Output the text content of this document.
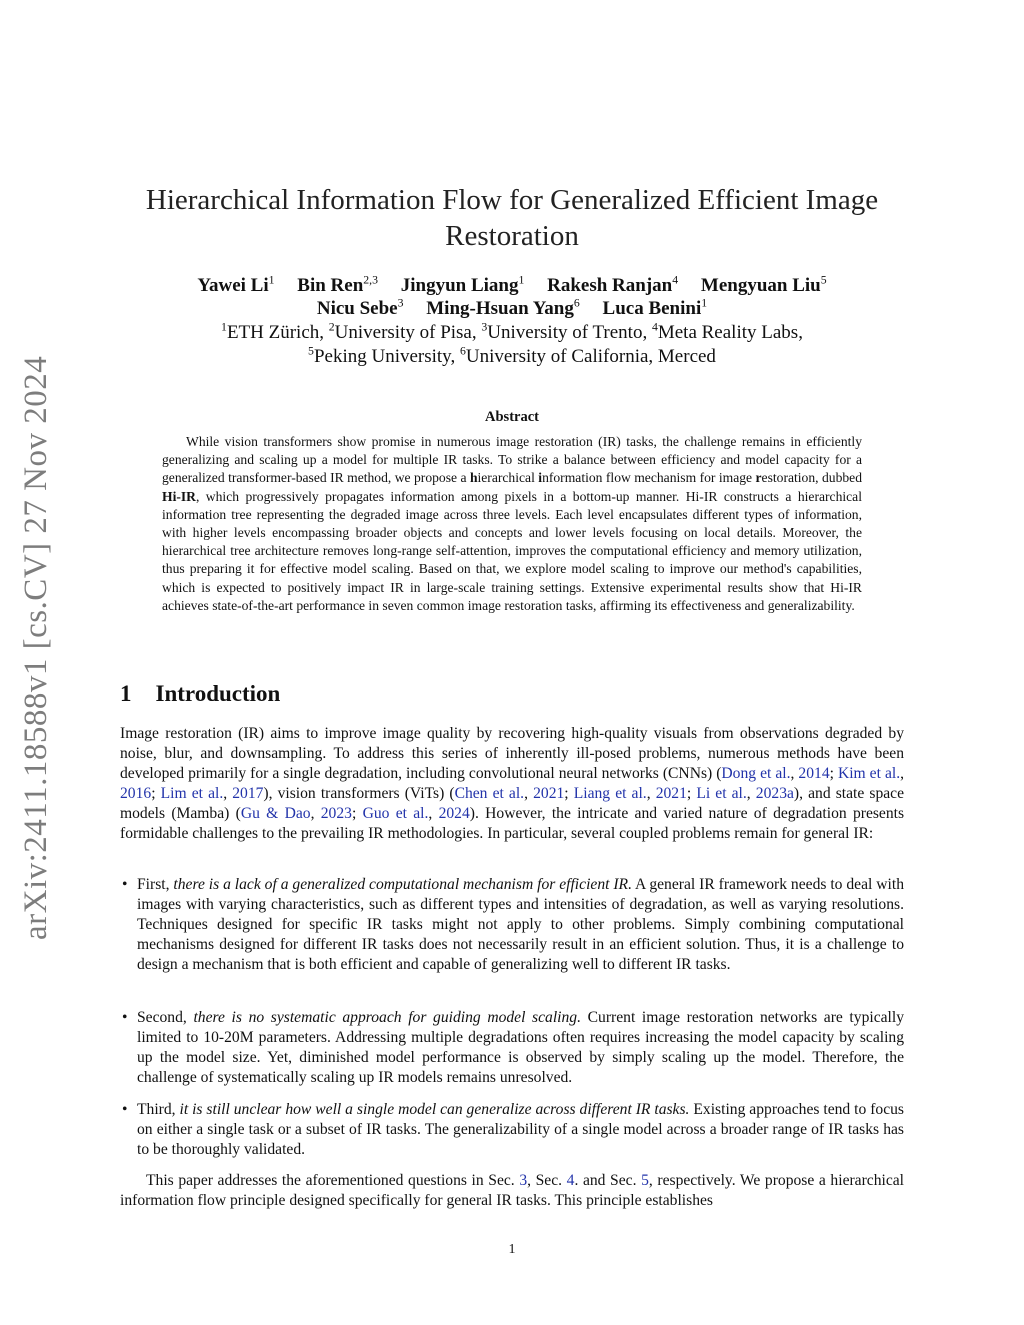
arXiv:2411.18588v1 [cs.CV] 27 Nov 2024
Hierarchical Information Flow for Generalized Efficient Image Restoration
Yawei Li$^1$ Bin Ren$^{2,3}$ Jingyun Liang$^1$ Rakesh Ranjan$^4$ Mengyuan Liu$^5$
Nicu Sebe$^3$ Ming-Hsuan Yang$^6$ Luca Benini$^1$
$^1$ETH Zürich, $^2$University of Pisa, $^3$University of Trento, $^4$Meta Reality Labs,
$^5$Peking University, $^6$University of California, Merced
Abstract
While vision transformers show promise in numerous image restoration (IR) tasks, the challenge remains in efficiently generalizing and scaling up a model for multiple IR tasks. To strike a balance between efficiency and model capacity for a generalized transformer-based IR method, we propose a hierarchical information flow mechanism for image restoration, dubbed Hi-IR, which progressively propagates information among pixels in a bottom-up manner. Hi-IR constructs a hierarchical information tree representing the degraded image across three levels. Each level encapsulates different types of information, with higher levels encompassing broader objects and concepts and lower levels focusing on local details. Moreover, the hierarchical tree architecture removes long-range self-attention, improves the computational efficiency and memory utilization, thus preparing it for effective model scaling. Based on that, we explore model scaling to improve our method's capabilities, which is expected to positively impact IR in large-scale training settings. Extensive experimental results show that Hi-IR achieves state-of-the-art performance in seven common image restoration tasks, affirming its effectiveness and generalizability.
1 Introduction
Image restoration (IR) aims to improve image quality by recovering high-quality visuals from observations degraded by noise, blur, and downsampling. To address this series of inherently ill-posed problems, numerous methods have been developed primarily for a single degradation, including convolutional neural networks (CNNs) (Dong et al., 2014; Kim et al., 2016; Lim et al., 2017), vision transformers (ViTs) (Chen et al., 2021; Liang et al., 2021; Li et al., 2023a), and state space models (Mamba) (Gu & Dao, 2023; Guo et al., 2024). However, the intricate and varied nature of degradation presents formidable challenges to the prevailing IR methodologies. In particular, several coupled problems remain for general IR:
• First, there is a lack of a generalized computational mechanism for efficient IR. A general IR framework needs to deal with images with varying characteristics, such as different types and intensities of degradation, as well as varying resolutions. Techniques designed for specific IR tasks might not apply to other problems. Simply combining computational mechanisms designed for different IR tasks does not necessarily result in an efficient solution. Thus, it is a challenge to design a mechanism that is both efficient and capable of generalizing well to different IR tasks.
• Second, there is no systematic approach for guiding model scaling. Current image restoration networks are typically limited to 10-20M parameters. Addressing multiple degradations often requires increasing the model capacity by scaling up the model size. Yet, diminished model performance is observed by simply scaling up the model. Therefore, the challenge of systematically scaling up IR models remains unresolved.
• Third, it is still unclear how well a single model can generalize across different IR tasks. Existing approaches tend to focus on either a single task or a subset of IR tasks. The generalizability of a single model across a broader range of IR tasks has to be thoroughly validated.
This paper addresses the aforementioned questions in Sec. 3, Sec. 4. and Sec. 5, respectively. We propose a hierarchical information flow principle designed specifically for general IR tasks. This principle establishes
1
